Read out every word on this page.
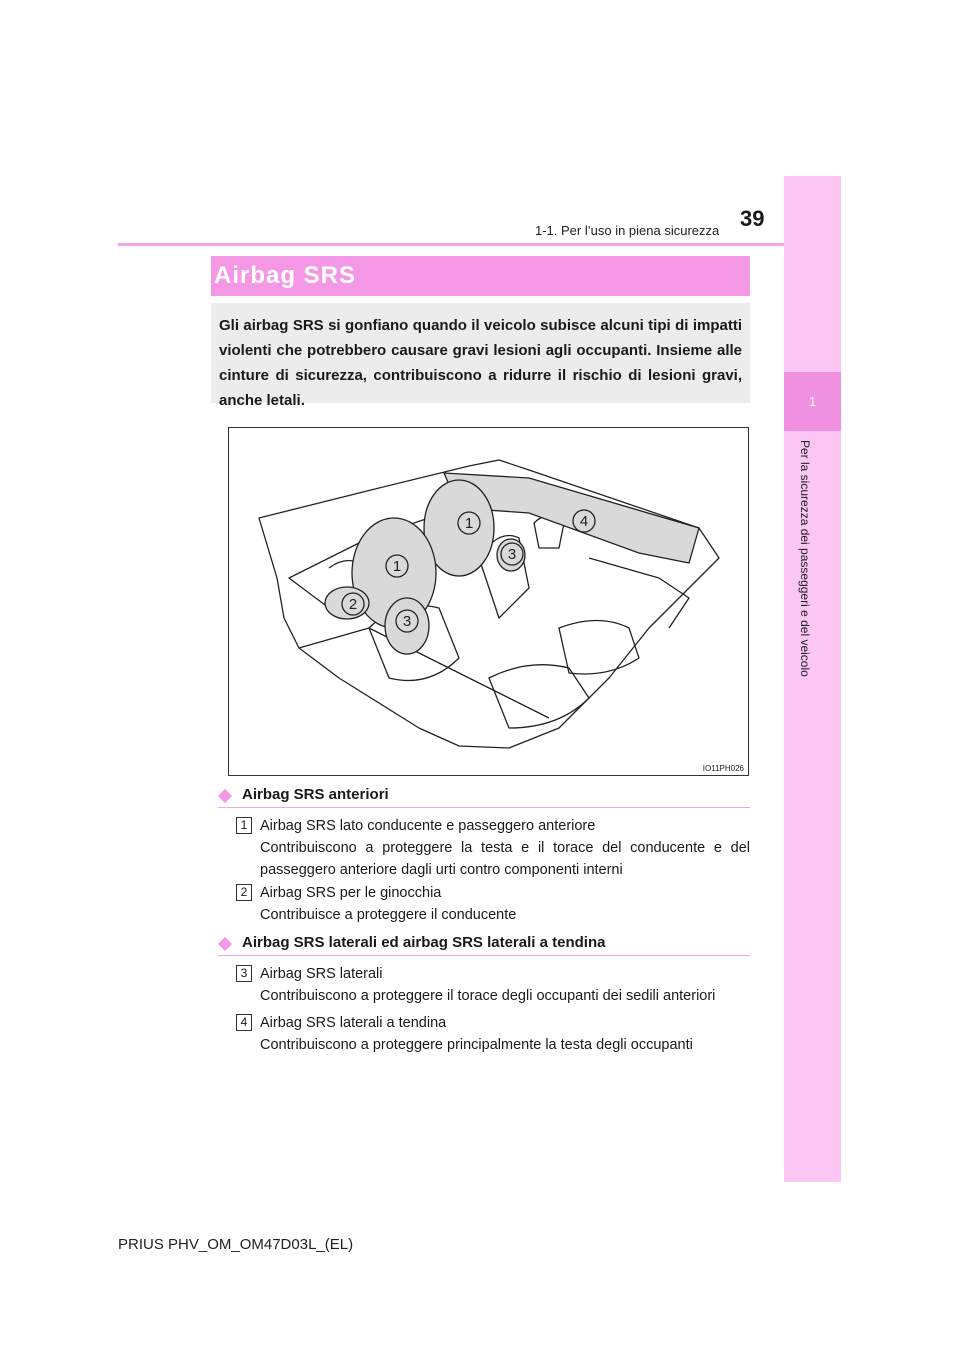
39
1-1. Per l’uso in piena sicurezza
1
Per la sicurezza dei passeggeri e del veicolo
Airbag SRS

Gli airbag SRS si gonfiano quando il veicolo subisce alcuni tipi di impatti violenti che potrebbero causare gravi lesioni agli occupanti. Insieme alle cinture di sicurezza, contribuiscono a ridurre il rischio di lesioni gravi, anche letali.

1
1
2
3
3
4
IO11PH026
Airbag SRS anteriori
1 Airbag SRS lato conducente e passeggero anteriore
Contribuiscono a proteggere la testa e il torace del conducente e del passeggero anteriore dagli urti contro componenti interni
2 Airbag SRS per le ginocchia
Contribuisce a proteggere il conducente
Airbag SRS laterali ed airbag SRS laterali a tendina
3 Airbag SRS laterali
Contribuiscono a proteggere il torace degli occupanti dei sedili anteriori
4 Airbag SRS laterali a tendina
Contribuiscono a proteggere principalmente la testa degli occupanti
PRIUS PHV_OM_OM47D03L_(EL)
